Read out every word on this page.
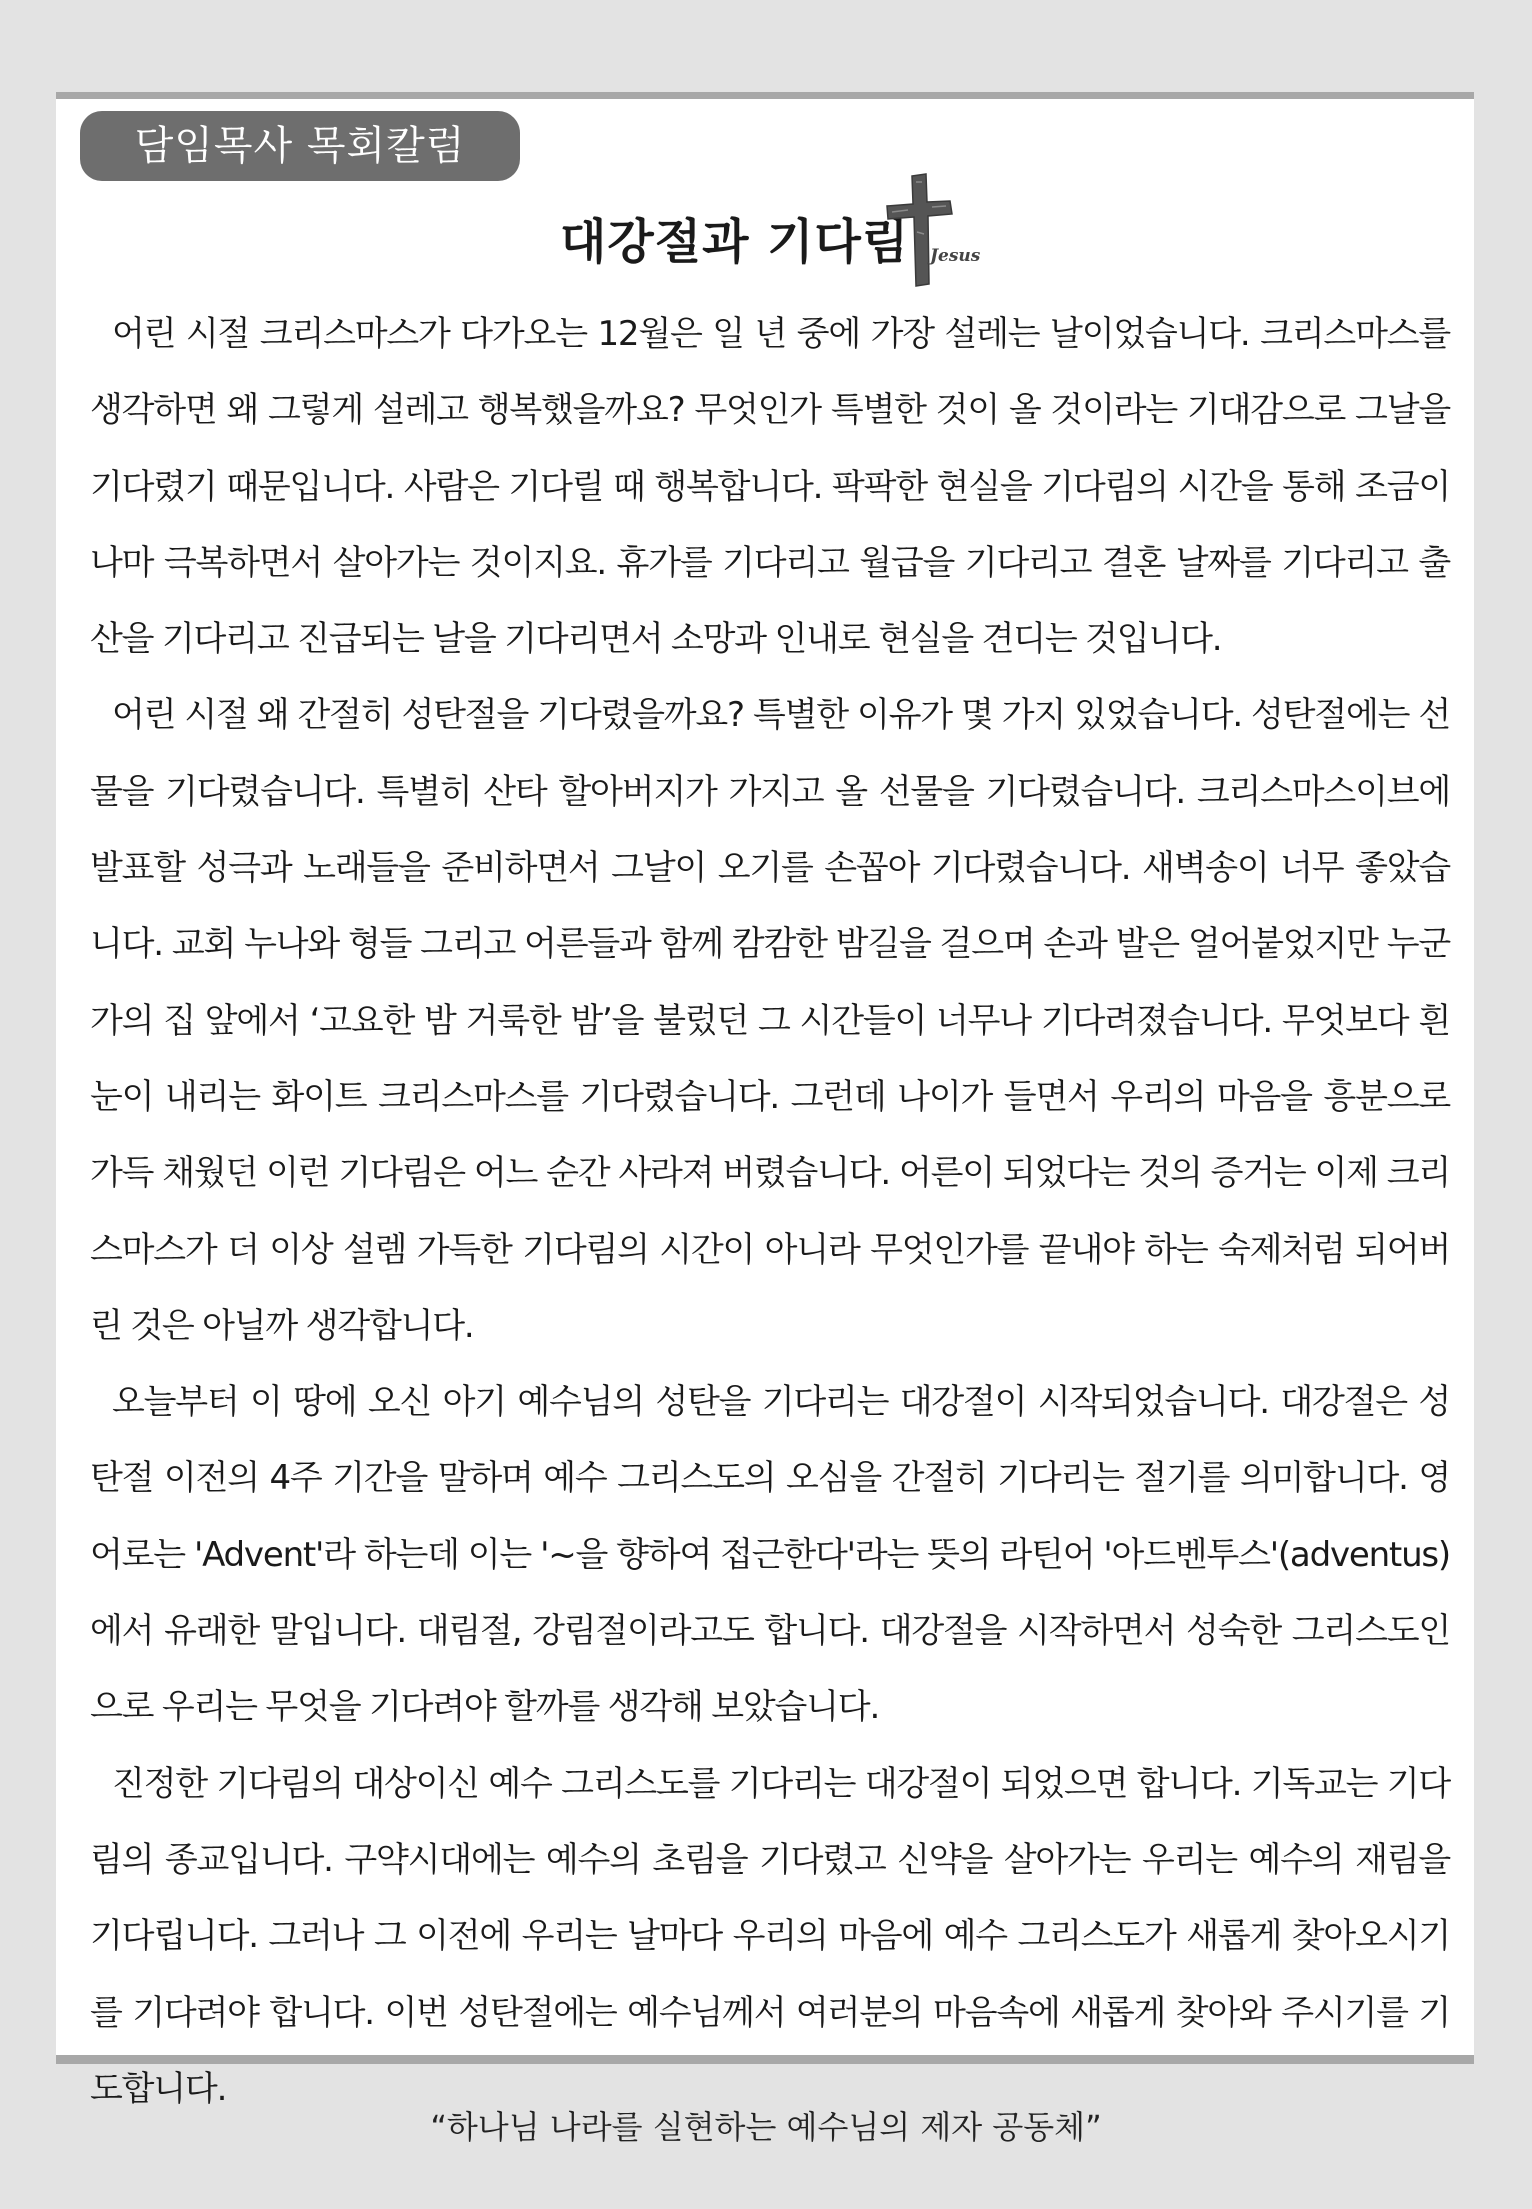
담임목사 목회칼럼
대강절과 기다림 Jesus

어린 시절 크리스마스가 다가오는 12월은 일 년 중에 가장 설레는 날이었습니다. 크리스마스를 생각하면 왜 그렇게 설레고 행복했을까요? 무엇인가 특별한 것이 올 것이라는 기대감으로 그날을 기다렸기 때문입니다. 사람은 기다릴 때 행복합니다. 팍팍한 현실을 기다림의 시간을 통해 조금이나마 극복하면서 살아가는 것이지요. 휴가를 기다리고 월급을 기다리고 결혼 날짜를 기다리고 출산을 기다리고 진급되는 날을 기다리면서 소망과 인내로 현실을 견디는 것입니다.

어린 시절 왜 간절히 성탄절을 기다렸을까요? 특별한 이유가 몇 가지 있었습니다. 성탄절에는 선물을 기다렸습니다. 특별히 산타 할아버지가 가지고 올 선물을 기다렸습니다. 크리스마스이브에 발표할 성극과 노래들을 준비하면서 그날이 오기를 손꼽아 기다렸습니다. 새벽송이 너무 좋았습니다. 교회 누나와 형들 그리고 어른들과 함께 캄캄한 밤길을 걸으며 손과 발은 얼어붙었지만 누군가의 집 앞에서 ‘고요한 밤 거룩한 밤’을 불렀던 그 시간들이 너무나 기다려졌습니다. 무엇보다 흰 눈이 내리는 화이트 크리스마스를 기다렸습니다. 그런데 나이가 들면서 우리의 마음을 흥분으로 가득 채웠던 이런 기다림은 어느 순간 사라져 버렸습니다. 어른이 되었다는 것의 증거는 이제 크리스마스가 더 이상 설렘 가득한 기다림의 시간이 아니라 무엇인가를 끝내야 하는 숙제처럼 되어버린 것은 아닐까 생각합니다.

오늘부터 이 땅에 오신 아기 예수님의 성탄을 기다리는 대강절이 시작되었습니다. 대강절은 성탄절 이전의 4주 기간을 말하며 예수 그리스도의 오심을 간절히 기다리는 절기를 의미합니다. 영어로는 'Advent'라 하는데 이는 '~을 향하여 접근한다'라는 뜻의 라틴어 '아드벤투스'(adventus)에서 유래한 말입니다. 대림절, 강림절이라고도 합니다. 대강절을 시작하면서 성숙한 그리스도인으로 우리는 무엇을 기다려야 할까를 생각해 보았습니다.

진정한 기다림의 대상이신 예수 그리스도를 기다리는 대강절이 되었으면 합니다. 기독교는 기다림의 종교입니다. 구약시대에는 예수의 초림을 기다렸고 신약을 살아가는 우리는 예수의 재림을 기다립니다. 그러나 그 이전에 우리는 날마다 우리의 마음에 예수 그리스도가 새롭게 찾아오시기를 기다려야 합니다. 이번 성탄절에는 예수님께서 여러분의 마음속에 새롭게 찾아와 주시기를 기도합니다.

“하나님 나라를 실현하는 예수님의 제자 공동체”
